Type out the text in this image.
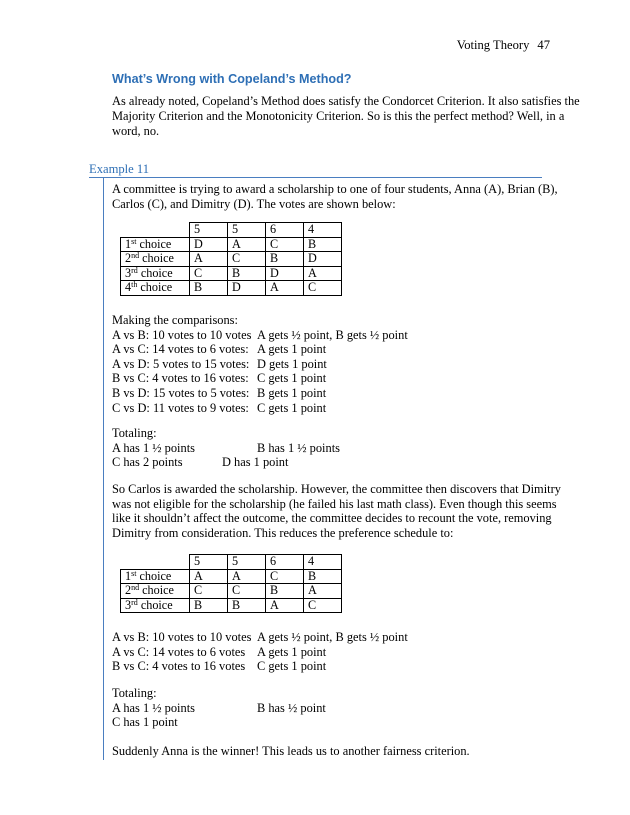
Voting Theory 47
What’s Wrong with Copeland’s Method?
As already noted, Copeland’s Method does satisfy the Condorcet Criterion. It also satisfies the Majority Criterion and the Monotonicity Criterion. So is this the perfect method? Well, in a word, no.
Example 11
A committee is trying to award a scholarship to one of four students, Anna (A), Brian (B), Carlos (C), and Dimitry (D). The votes are shown below:
	5	5	6	4
1st choice	D	A	C	B
2nd choice	A	C	B	D
3rd choice	C	B	D	A
4th choice	B	D	A	C
Making the comparisons:
A vs B: 10 votes to 10 votes A gets ½ point, B gets ½ point
A vs C: 14 votes to 6 votes: A gets 1 point
A vs D: 5 votes to 15 votes: D gets 1 point
B vs C: 4 votes to 16 votes: C gets 1 point
B vs D: 15 votes to 5 votes: B gets 1 point
C vs D: 11 votes to 9 votes: C gets 1 point
Totaling:
A has 1 ½ points	B has 1 ½ points
C has 2 points	D has 1 point
So Carlos is awarded the scholarship. However, the committee then discovers that Dimitry was not eligible for the scholarship (he failed his last math class). Even though this seems like it shouldn’t affect the outcome, the committee decides to recount the vote, removing Dimitry from consideration. This reduces the preference schedule to:
	5	5	6	4
1st choice	A	A	C	B
2nd choice	C	C	B	A
3rd choice	B	B	A	C
A vs B: 10 votes to 10 votes A gets ½ point, B gets ½ point
A vs C: 14 votes to 6 votes A gets 1 point
B vs C: 4 votes to 16 votes C gets 1 point
Totaling:
A has 1 ½ points	B has ½ point
C has 1 point
Suddenly Anna is the winner! This leads us to another fairness criterion.
